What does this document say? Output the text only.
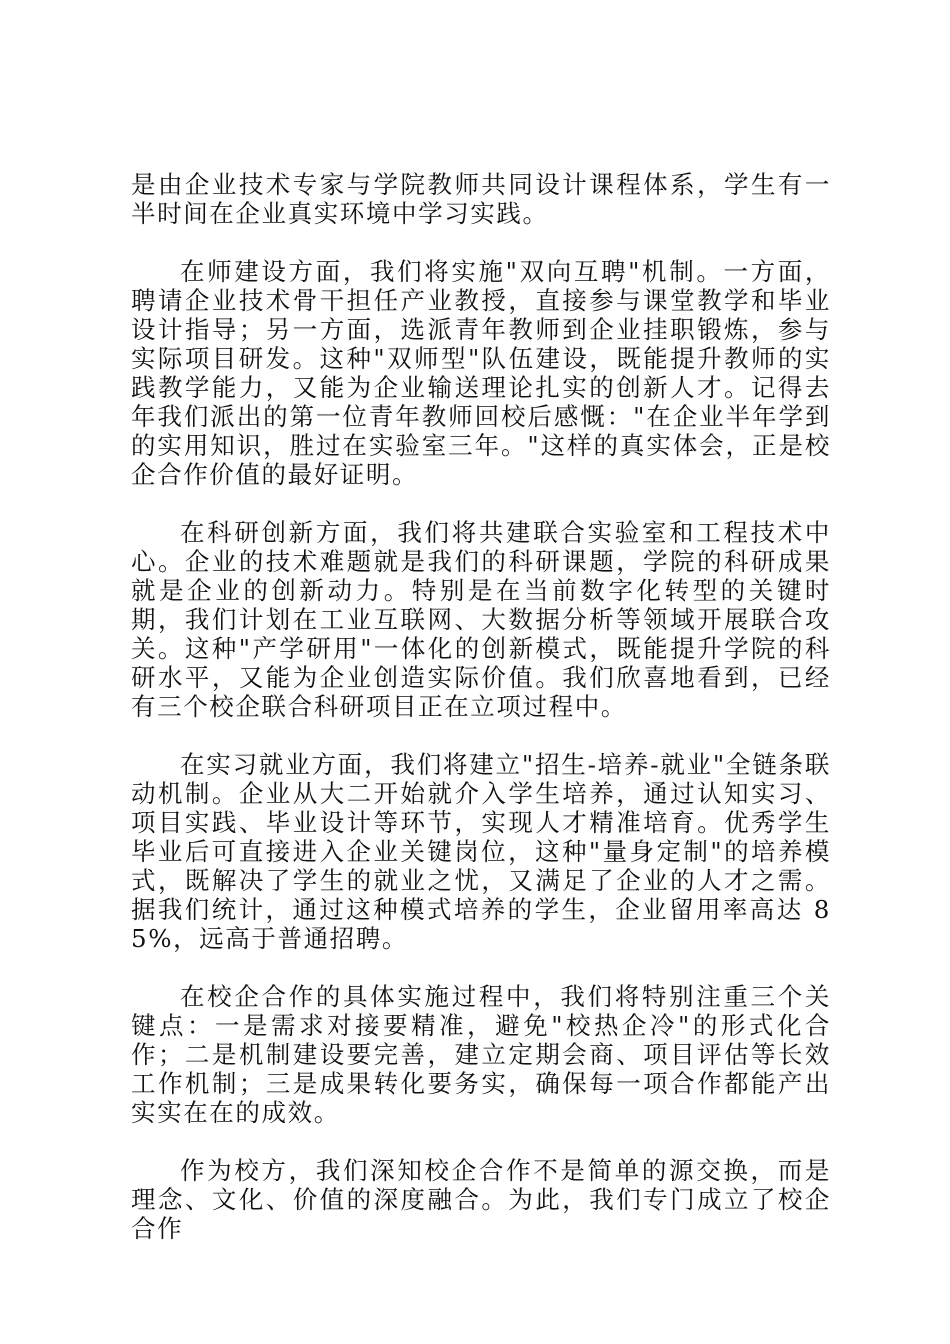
是由企业技术专家与学院教师共同设计课程体系，学生有一半时间在企业真实环境中学习实践。

在师建设方面，我们将实施"双向互聘"机制。一方面，聘请企业技术骨干担任产业教授，直接参与课堂教学和毕业设计指导；另一方面，选派青年教师到企业挂职锻炼，参与实际项目研发。这种"双师型"队伍建设，既能提升教师的实践教学能力，又能为企业输送理论扎实的创新人才。记得去年我们派出的第一位青年教师回校后感慨："在企业半年学到的实用知识，胜过在实验室三年。"这样的真实体会，正是校企合作价值的最好证明。

在科研创新方面，我们将共建联合实验室和工程技术中心。企业的技术难题就是我们的科研课题，学院的科研成果就是企业的创新动力。特别是在当前数字化转型的关键时期，我们计划在工业互联网、大数据分析等领域开展联合攻关。这种"产学研用"一体化的创新模式，既能提升学院的科研水平，又能为企业创造实际价值。我们欣喜地看到，已经有三个校企联合科研项目正在立项过程中。

在实习就业方面，我们将建立"招生-培养-就业"全链条联动机制。企业从大二开始就介入学生培养，通过认知实习、项目实践、毕业设计等环节，实现人才精准培育。优秀学生毕业后可直接进入企业关键岗位，这种"量身定制"的培养模式，既解决了学生的就业之忧，又满足了企业的人才之需。据我们统计，通过这种模式培养的学生，企业留用率高达 85%，远高于普通招聘。

在校企合作的具体实施过程中，我们将特别注重三个关键点：一是需求对接要精准，避免"校热企冷"的形式化合作；二是机制建设要完善，建立定期会商、项目评估等长效工作机制；三是成果转化要务实，确保每一项合作都能产出实实在在的成效。

作为校方，我们深知校企合作不是简单的源交换，而是理念、文化、价值的深度融合。为此，我们专门成立了校企合作
